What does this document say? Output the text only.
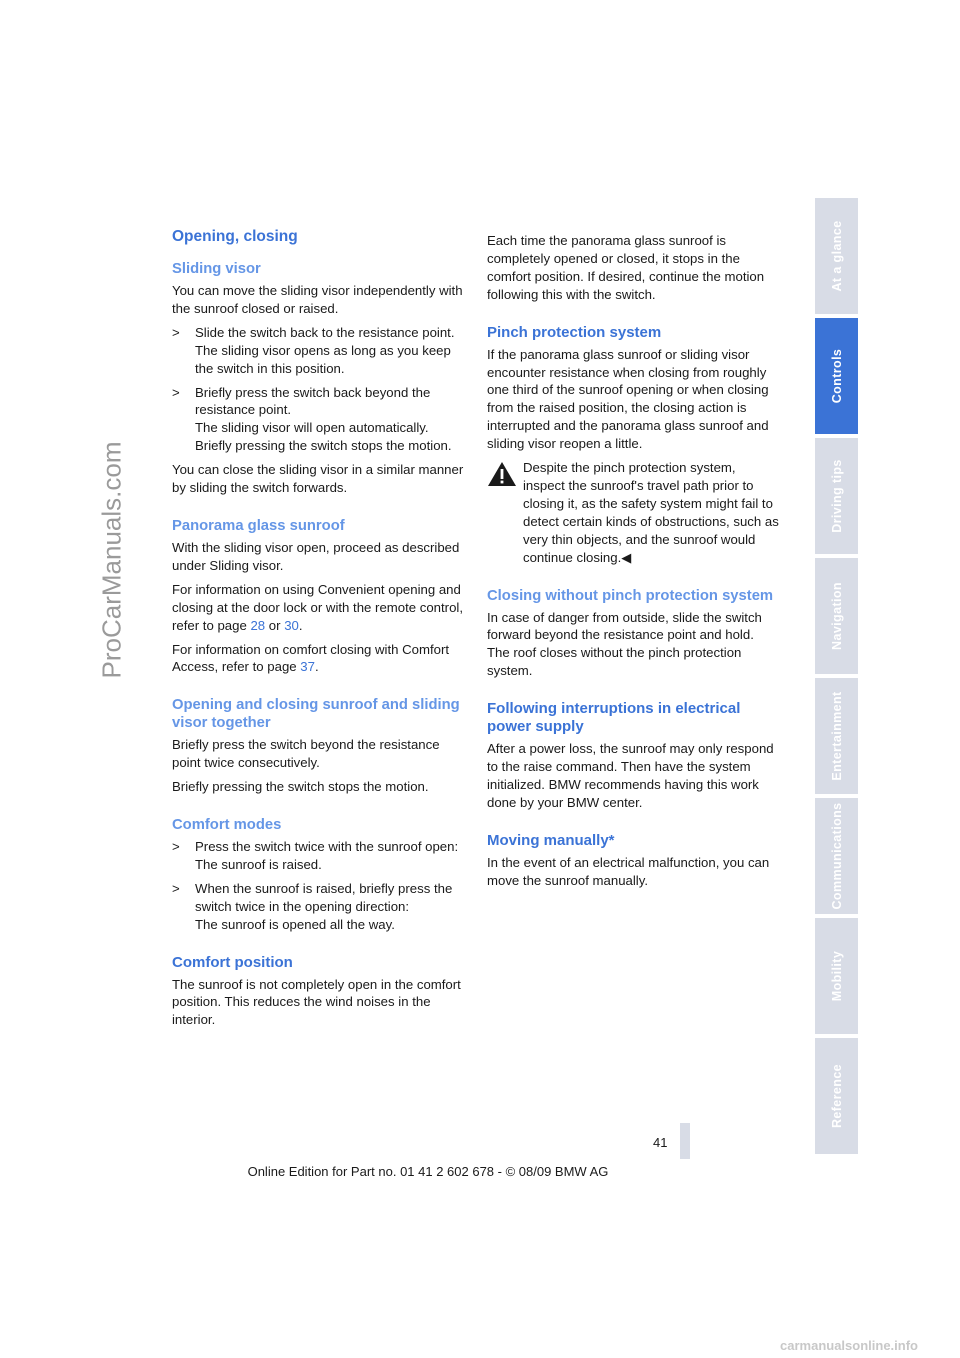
ProCarManuals.com
Opening, closing
Sliding visor

You can move the sliding visor independently with the sunroof closed or raised.

> Slide the switch back to the resistance point.
The sliding visor opens as long as you keep the switch in this position.
> Briefly press the switch back beyond the resistance point.
The sliding visor will open automatically. Briefly pressing the switch stops the motion.

You can close the sliding visor in a similar manner by sliding the switch forwards.

Panorama glass sunroof

With the sliding visor open, proceed as described under Sliding visor.

For information on using Convenient opening and closing at the door lock or with the remote control, refer to page 28 or 30.

For information on comfort closing with Comfort Access, refer to page 37.

Opening and closing sunroof and sliding visor together

Briefly press the switch beyond the resistance point twice consecutively.

Briefly pressing the switch stops the motion.

Comfort modes
> Press the switch twice with the sunroof open:
The sunroof is raised.
> When the sunroof is raised, briefly press the switch twice in the opening direction:
The sunroof is opened all the way.
Comfort position

The sunroof is not completely open in the comfort position. This reduces the wind noises in the interior.

Each time the panorama glass sunroof is completely opened or closed, it stops in the comfort position. If desired, continue the motion following this with the switch.

Pinch protection system

If the panorama glass sunroof or sliding visor encounter resistance when closing from roughly one third of the sunroof opening or when closing from the raised position, the closing action is interrupted and the panorama glass sunroof and sliding visor reopen a little.

Despite the pinch protection system, inspect the sunroof's travel path prior to closing it, as the safety system might fail to detect certain kinds of obstructions, such as very thin objects, and the sunroof would continue closing.◀

Closing without pinch protection system

In case of danger from outside, slide the switch forward beyond the resistance point and hold. The roof closes without the pinch protection system.

Following interruptions in electrical power supply

After a power loss, the sunroof may only respond to the raise command. Then have the system initialized. BMW recommends having this work done by your BMW center.

Moving manually*

In the event of an electrical malfunction, you can move the sunroof manually.

At a glance
Controls
Driving tips
Navigation
Entertainment
Communications
Mobility
Reference
41
Online Edition for Part no. 01 41 2 602 678 - © 08/09 BMW AG
carmanualsonline.info
